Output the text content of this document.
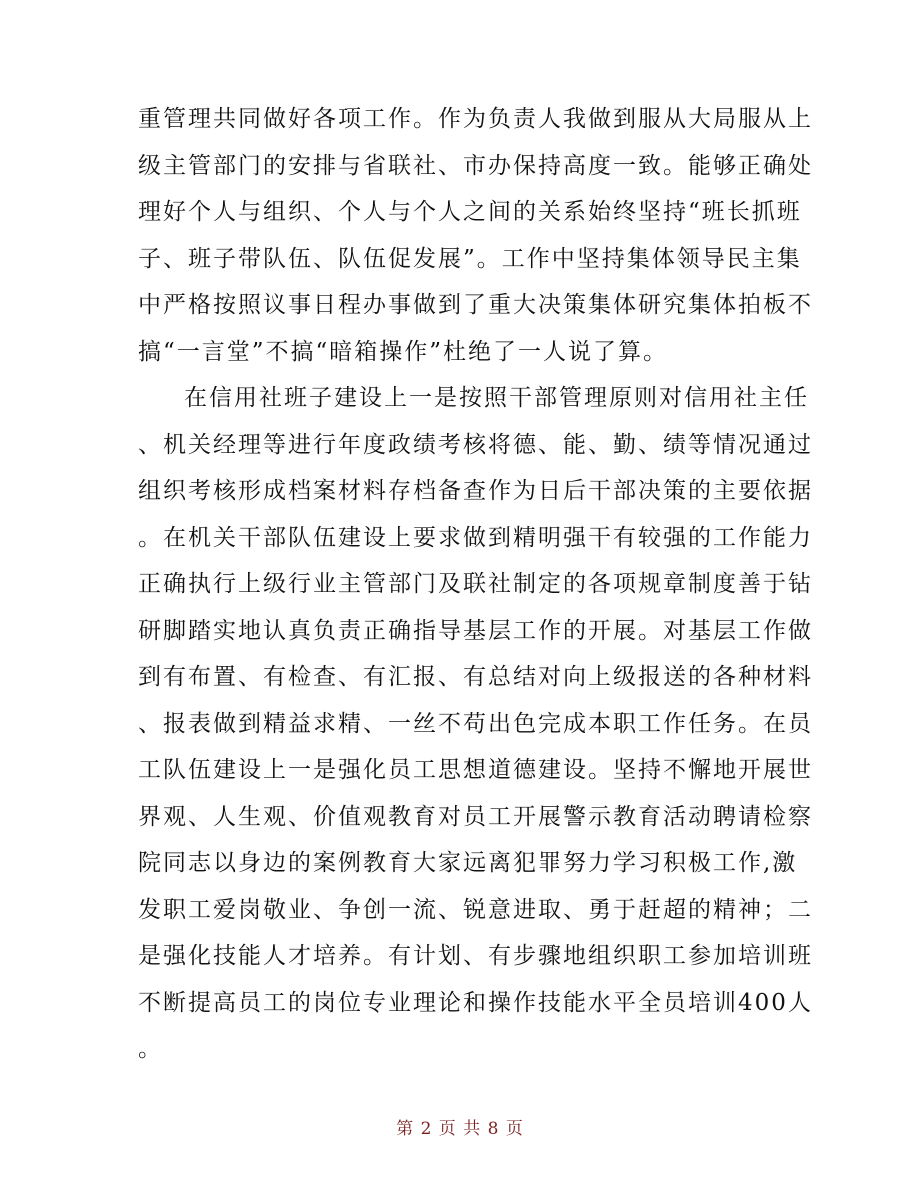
重管理共同做好各项工作。作为负责人我做到服从大局服从上
级主管部门的安排与省联社、市办保持高度一致。能够正确处
理好个人与组织、个人与个人之间的关系始终坚持“班长抓班
子、班子带队伍、队伍促发展”。工作中坚持集体领导民主集
中严格按照议事日程办事做到了重大决策集体研究集体拍板不
搞“一言堂”不搞“暗箱操作”杜绝了一人说了算。
在信用社班子建设上一是按照干部管理原则对信用社主任
、机关经理等进行年度政绩考核将德、能、勤、绩等情况通过
组织考核形成档案材料存档备查作为日后干部决策的主要依据
。在机关干部队伍建设上要求做到精明强干有较强的工作能力
正确执行上级行业主管部门及联社制定的各项规章制度善于钻
研脚踏实地认真负责正确指导基层工作的开展。对基层工作做
到有布置、有检查、有汇报、有总结对向上级报送的各种材料
、报表做到精益求精、一丝不苟出色完成本职工作任务。在员
工队伍建设上一是强化员工思想道德建设。坚持不懈地开展世
界观、人生观、价值观教育对员工开展警示教育活动聘请检察
院同志以身边的案例教育大家远离犯罪努力学习积极工作,激
发职工爱岗敬业、争创一流、锐意进取、勇于赶超的精神；二
是强化技能人才培养。有计划、有步骤地组织职工参加培训班
不断提高员工的岗位专业理论和操作技能水平全员培训400人
。
第 2 页 共 8 页
